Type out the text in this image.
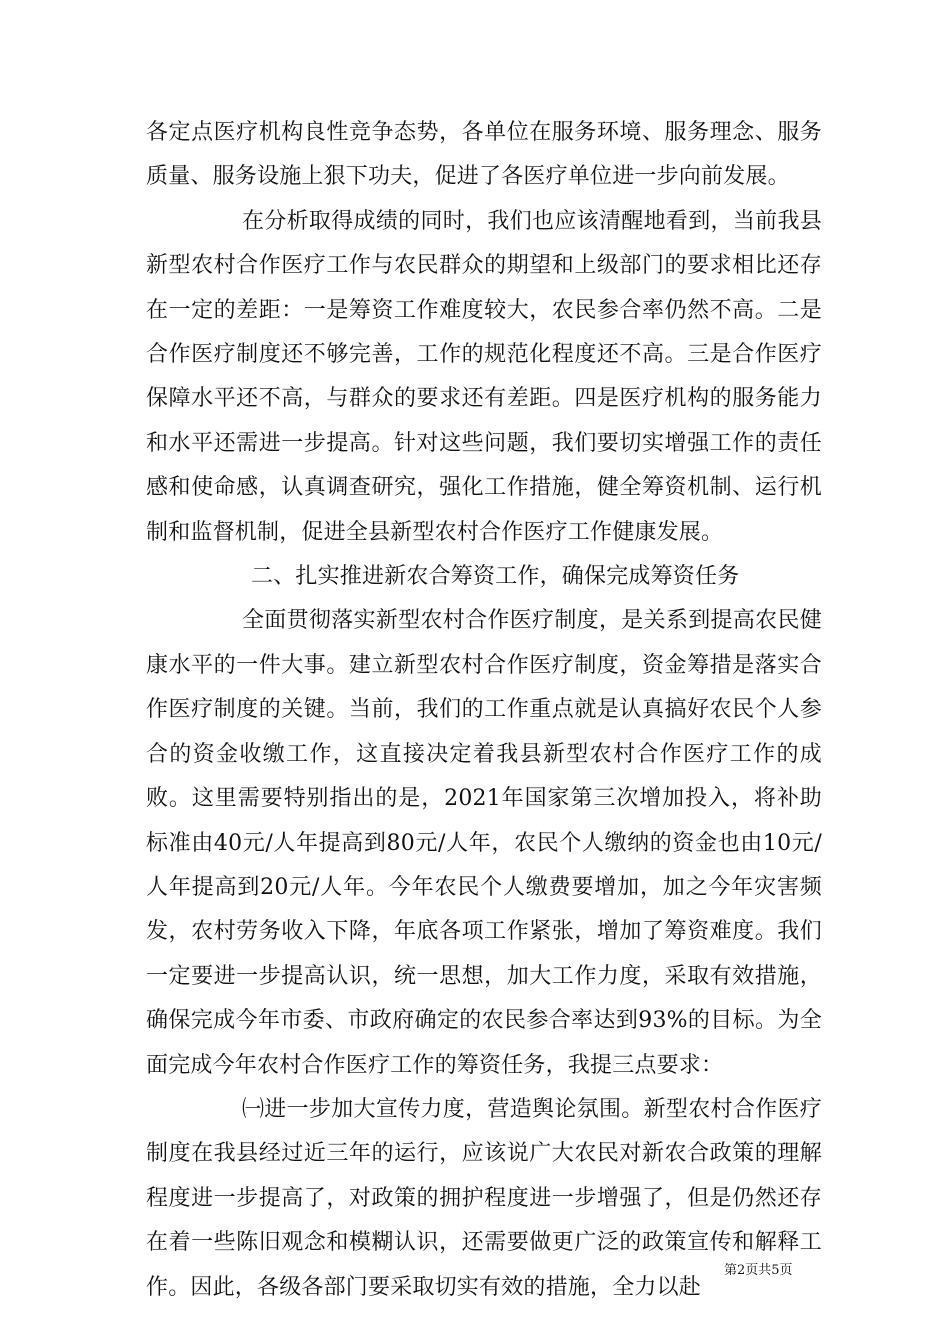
各定点医疗机构良性竞争态势，各单位在服务环境、服务理念、服务质量、服务设施上狠下功夫，促进了各医疗单位进一步向前发展。

在分析取得成绩的同时，我们也应该清醒地看到，当前我县新型农村合作医疗工作与农民群众的期望和上级部门的要求相比还存在一定的差距：一是筹资工作难度较大，农民参合率仍然不高。二是合作医疗制度还不够完善，工作的规范化程度还不高。三是合作医疗保障水平还不高，与群众的要求还有差距。四是医疗机构的服务能力和水平还需进一步提高。针对这些问题，我们要切实增强工作的责任感和使命感，认真调查研究，强化工作措施，健全筹资机制、运行机制和监督机制，促进全县新型农村合作医疗工作健康发展。

二、扎实推进新农合筹资工作，确保完成筹资任务

全面贯彻落实新型农村合作医疗制度，是关系到提高农民健康水平的一件大事。建立新型农村合作医疗制度，资金筹措是落实合作医疗制度的关键。当前，我们的工作重点就是认真搞好农民个人参合的资金收缴工作，这直接决定着我县新型农村合作医疗工作的成败。这里需要特别指出的是，2021年国家第三次增加投入，将补助标准由40元/人年提高到80元/人年，农民个人缴纳的资金也由10元/人年提高到20元/人年。今年农民个人缴费要增加，加之今年灾害频发，农村劳务收入下降，年底各项工作紧张，增加了筹资难度。我们一定要进一步提高认识，统一思想，加大工作力度，采取有效措施，确保完成今年市委、市政府确定的农民参合率达到93%的目标。为全面完成今年农村合作医疗工作的筹资任务，我提三点要求：

㈠进一步加大宣传力度，营造舆论氛围。新型农村合作医疗制度在我县经过近三年的运行，应该说广大农民对新农合政策的理解程度进一步提高了，对政策的拥护程度进一步增强了，但是仍然还存在着一些陈旧观念和模糊认识，还需要做更广泛的政策宣传和解释工作。因此，各级各部门要采取切实有效的措施，全力以赴

第2页共5页
